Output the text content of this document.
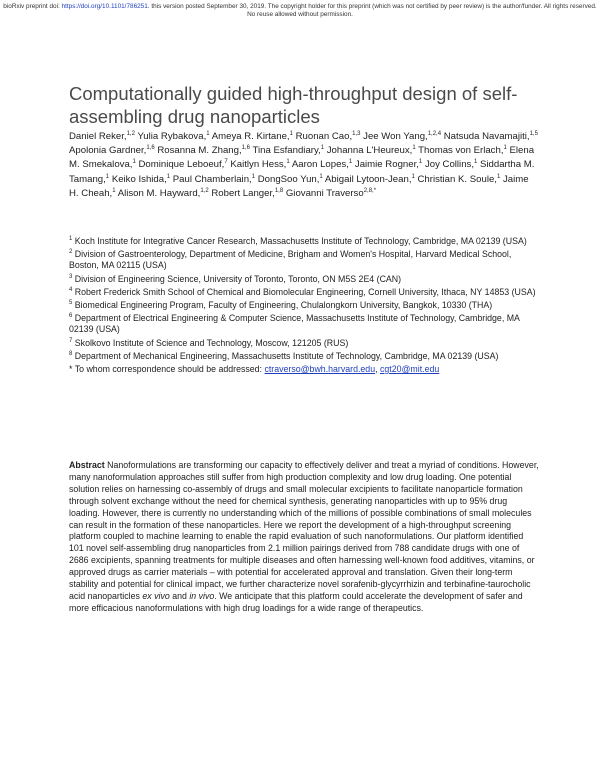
bioRxiv preprint doi: https://doi.org/10.1101/786251. this version posted September 30, 2019. The copyright holder for this preprint (which was not certified by peer review) is the author/funder. All rights reserved. No reuse allowed without permission.
Computationally guided high-throughput design of self-assembling drug nanoparticles
Daniel Reker,$^{1,2}$ Yulia Rybakova,$^1$ Ameya R. Kirtane,$^1$ Ruonan Cao,$^{1,3}$ Jee Won Yang,$^{1,2,4}$ Natsuda Navamajiti,$^{1,5}$ Apolonia Gardner,$^{1,6}$ Rosanna M. Zhang,$^{1,6}$ Tina Esfandiary,$^1$ Johanna L'Heureux,$^1$ Thomas von Erlach,$^1$ Elena M. Smekalova,$^1$ Dominique Leboeuf,$^7$ Kaitlyn Hess,$^1$ Aaron Lopes,$^1$ Jaimie Rogner,$^1$ Joy Collins,$^1$ Siddartha M. Tamang,$^1$ Keiko Ishida,$^1$ Paul Chamberlain,$^1$ DongSoo Yun,$^1$ Abigail Lytoon-Jean,$^1$ Christian K. Soule,$^1$ Jaime H. Cheah,$^1$ Alison M. Hayward,$^{1,2}$ Robert Langer,$^{1,8}$ Giovanni Traverso$^{2,8,*}$
$^1$ Koch Institute for Integrative Cancer Research, Massachusetts Institute of Technology, Cambridge, MA 02139 (USA)
$^2$ Division of Gastroenterology, Department of Medicine, Brigham and Women's Hospital, Harvard Medical School, Boston, MA 02115 (USA)
$^3$ Division of Engineering Science, University of Toronto, Toronto, ON M5S 2E4 (CAN)
$^4$ Robert Frederick Smith School of Chemical and Biomolecular Engineering, Cornell University, Ithaca, NY 14853 (USA)
$^5$ Biomedical Engineering Program, Faculty of Engineering, Chulalongkorn University, Bangkok, 10330 (THA)
$^6$ Department of Electrical Engineering & Computer Science, Massachusetts Institute of Technology, Cambridge, MA 02139 (USA)
$^7$ Skolkovo Institute of Science and Technology, Moscow, 121205 (RUS)
$^8$ Department of Mechanical Engineering, Massachusetts Institute of Technology, Cambridge, MA 02139 (USA)
* To whom correspondence should be addressed: ctraverso@bwh.harvard.edu, cgt20@mit.edu
Abstract Nanoformulations are transforming our capacity to effectively deliver and treat a myriad of conditions. However, many nanoformulation approaches still suffer from high production complexity and low drug loading. One potential solution relies on harnessing co-assembly of drugs and small molecular excipients to facilitate nanoparticle formation through solvent exchange without the need for chemical synthesis, generating nanoparticles with up to 95% drug loading. However, there is currently no understanding which of the millions of possible combinations of small molecules can result in the formation of these nanoparticles. Here we report the development of a high-throughput screening platform coupled to machine learning to enable the rapid evaluation of such nanoformulations. Our platform identified 101 novel self-assembling drug nanoparticles from 2.1 million pairings derived from 788 candidate drugs with one of 2686 excipients, spanning treatments for multiple diseases and often harnessing well-known food additives, vitamins, or approved drugs as carrier materials – with potential for accelerated approval and translation. Given their long-term stability and potential for clinical impact, we further characterize novel sorafenib-glycyrrhizin and terbinafine-taurocholic acid nanoparticles ex vivo and in vivo. We anticipate that this platform could accelerate the development of safer and more efficacious nanoformulations with high drug loadings for a wide range of therapeutics.
